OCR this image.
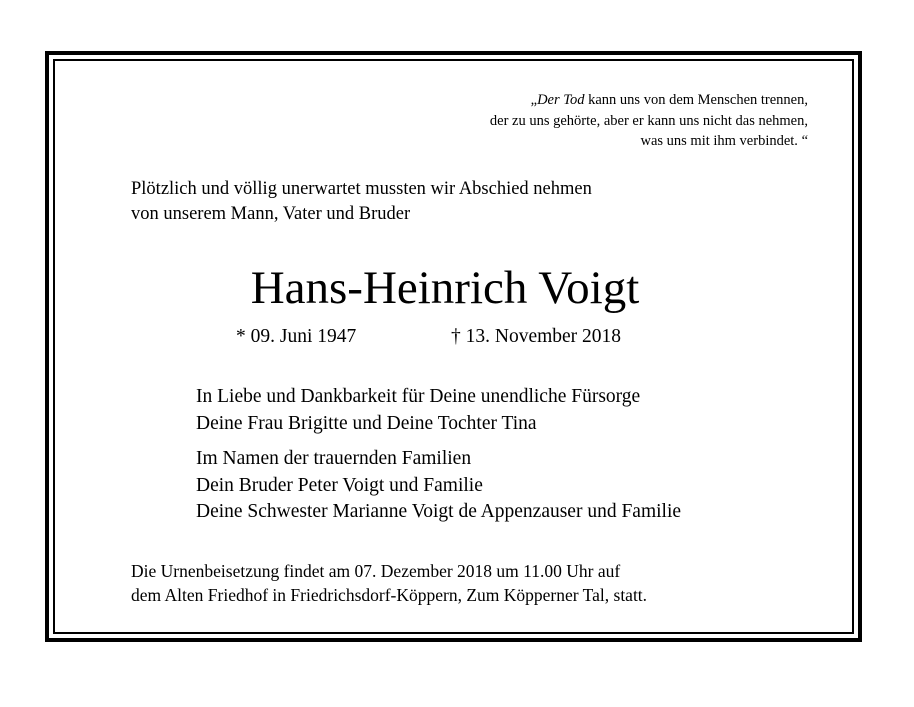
„Der Tod kann uns von dem Menschen trennen,
der zu uns gehörte, aber er kann uns nicht das nehmen,
was uns mit ihm verbindet. “
Plötzlich und völlig unerwartet mussten wir Abschied nehmen
von unserem Mann, Vater und Bruder
Hans-Heinrich Voigt
* 09. Juni 1947	† 13. November 2018
In Liebe und Dankbarkeit für Deine unendliche Fürsorge
Deine Frau Brigitte und Deine Tochter Tina
Im Namen der trauernden Familien
Dein Bruder Peter Voigt und Familie
Deine Schwester Marianne Voigt de Appenzauser und Familie
Die Urnenbeisetzung findet am 07. Dezember 2018 um 11.00 Uhr auf
dem Alten Friedhof in Friedrichsdorf-Köppern, Zum Köpperner Tal, statt.
